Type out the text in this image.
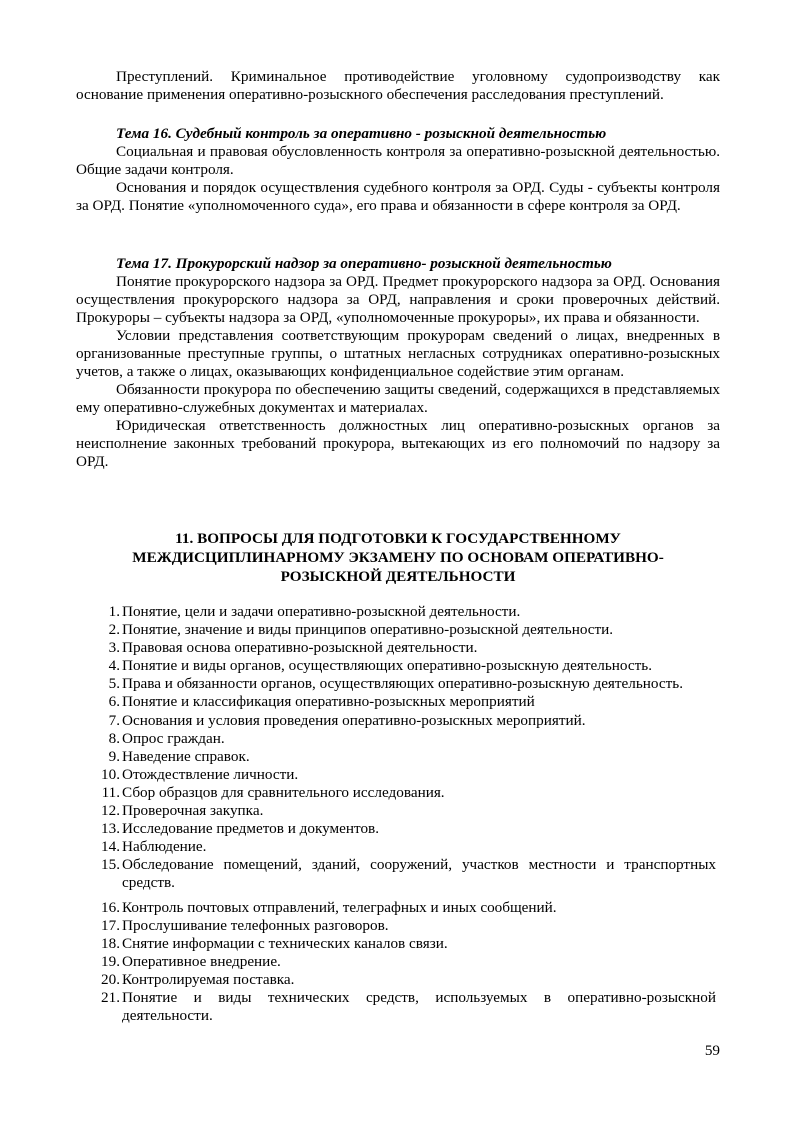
Преступлений. Криминальное противодействие уголовному судопроизводству как основание применения оперативно-розыскного обеспечения расследования преступлений.

Тема 16. Судебный контроль за оперативно - розыскной деятельностью

Социальная и правовая обусловленность контроля за оперативно-розыскной деятельностью. Общие задачи контроля.

Основания и порядок осуществления судебного контроля за ОРД. Суды - субъекты контроля за ОРД. Понятие «уполномоченного суда», его права и обязанности в сфере контроля за ОРД.

Тема 17. Прокурорский надзор за оперативно- розыскной деятельностью

Понятие прокурорского надзора за ОРД. Предмет прокурорского надзора за ОРД. Основания осуществления прокурорского надзора за ОРД, направления и сроки проверочных действий. Прокуроры – субъекты надзора за ОРД, «уполномоченные прокуроры», их права и обязанности.

Условии представления соответствующим прокурорам сведений о лицах, внедренных в организованные преступные группы, о штатных негласных сотрудниках оперативно-розыскных учетов, а также о лицах, оказывающих конфиденциальное содействие этим органам.

Обязанности прокурора по обеспечению защиты сведений, содержащихся в представляемых ему оперативно-служебных документах и материалах.

Юридическая ответственность должностных лиц оперативно-розыскных органов за неисполнение законных требований прокурора, вытекающих из его полномочий по надзору за ОРД.

11. ВОПРОСЫ ДЛЯ ПОДГОТОВКИ К ГОСУДАРСТВЕННОМУ
МЕЖДИСЦИПЛИНАРНОМУ ЭКЗАМЕНУ ПО ОСНОВАМ ОПЕРАТИВНО-
РОЗЫСКНОЙ ДЕЯТЕЛЬНОСТИ
1. Понятие, цели и задачи оперативно-розыскной деятельности.
2. Понятие, значение и виды принципов оперативно-розыскной деятельности.
3. Правовая основа оперативно-розыскной деятельности.
4. Понятие и виды органов, осуществляющих оперативно-розыскную деятельность.
5. Права и обязанности органов, осуществляющих оперативно-розыскную деятельность.
6. Понятие и классификация оперативно-розыскных мероприятий
7. Основания и условия проведения оперативно-розыскных мероприятий.
8. Опрос граждан.
9. Наведение справок.
10. Отождествление личности.
11. Сбор образцов для сравнительного исследования.
12. Проверочная закупка.
13. Исследование предметов и документов.
14. Наблюдение.
15. Обследование помещений, зданий, сооружений, участков местности и транспортных средств.
16. Контроль почтовых отправлений, телеграфных и иных сообщений.
17. Прослушивание телефонных разговоров.
18. Снятие информации с технических каналов связи.
19. Оперативное внедрение.
20. Контролируемая поставка.
21. Понятие и виды технических средств, используемых в оперативно-розыскной деятельности.
59
